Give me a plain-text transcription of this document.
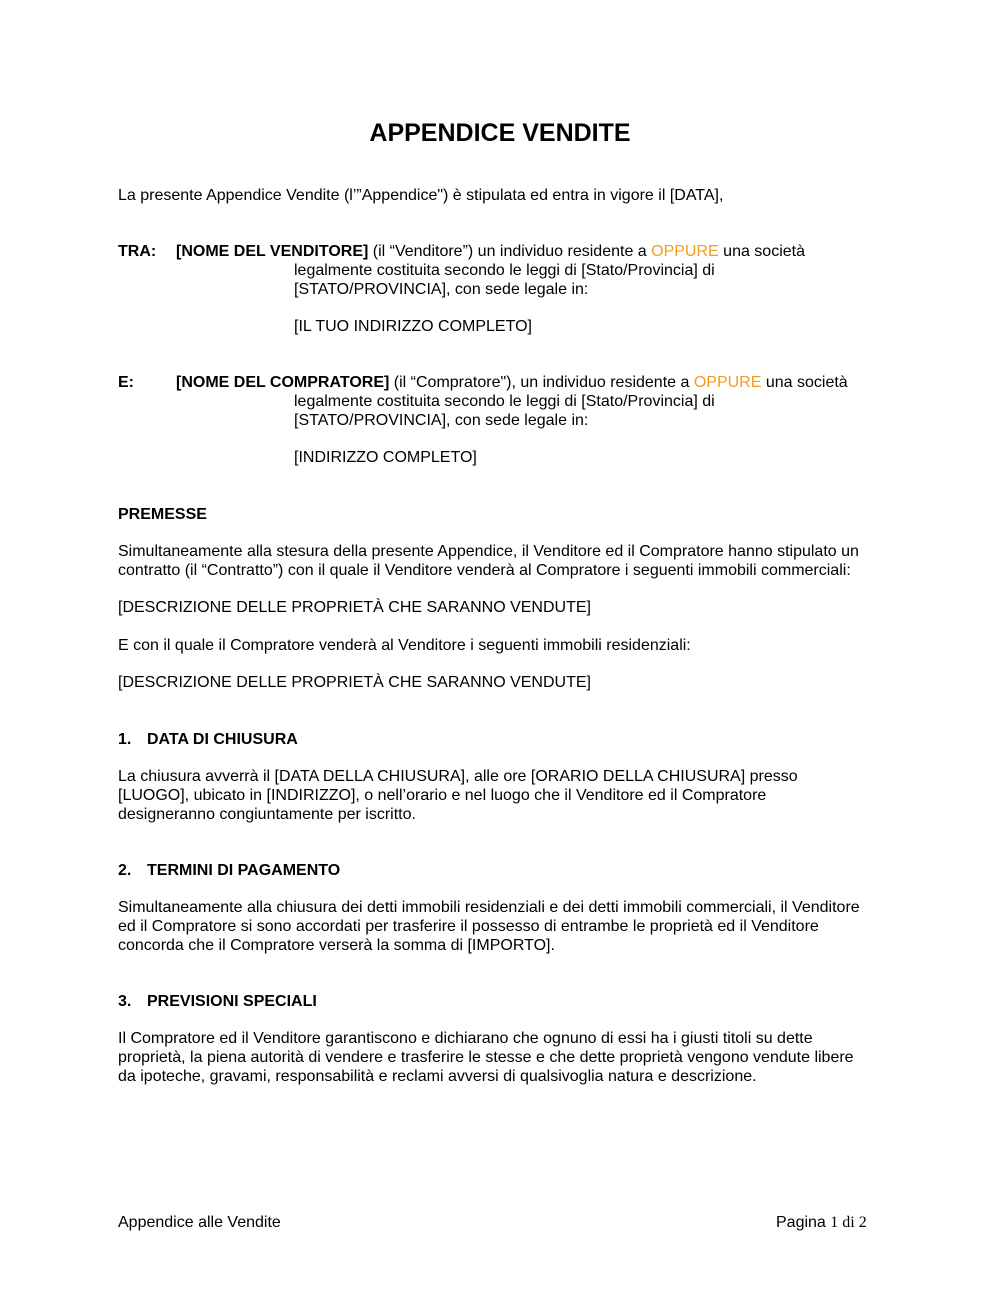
APPENDICE VENDITE
La presente Appendice Vendite (l’”Appendice") è stipulata ed entra in vigore il [DATA],
TRA: [NOME DEL VENDITORE] (il “Venditore”) un individuo residente a OPPURE una società
legalmente costituita secondo le leggi di [Stato/Provincia] di
[STATO/PROVINCIA], con sede legale in:
[IL TUO INDIRIZZO COMPLETO]
E:	[NOME DEL COMPRATORE] (il “Compratore"), un individuo residente a OPPURE una società
legalmente costituita secondo le leggi di [Stato/Provincia] di
[STATO/PROVINCIA], con sede legale in:
[INDIRIZZO COMPLETO]
PREMESSE
Simultaneamente alla stesura della presente Appendice, il Venditore ed il Compratore hanno stipulato un
contratto (il “Contratto”) con il quale il Venditore venderà al Compratore i seguenti immobili commerciali:
[DESCRIZIONE DELLE PROPRIETÀ CHE SARANNO VENDUTE]
E con il quale il Compratore venderà al Venditore i seguenti immobili residenziali:
[DESCRIZIONE DELLE PROPRIETÀ CHE SARANNO VENDUTE]
1. DATA DI CHIUSURA
La chiusura avverrà il [DATA DELLA CHIUSURA], alle ore [ORARIO DELLA CHIUSURA] presso
[LUOGO], ubicato in [INDIRIZZO], o nell’orario e nel luogo che il Venditore ed il Compratore
designeranno congiuntamente per iscritto.
2. TERMINI DI PAGAMENTO
Simultaneamente alla chiusura dei detti immobili residenziali e dei detti immobili commerciali, il Venditore
ed il Compratore si sono accordati per trasferire il possesso di entrambe le proprietà ed il Venditore
concorda che il Compratore verserà la somma di [IMPORTO].
3. PREVISIONI SPECIALI
Il Compratore ed il Venditore garantiscono e dichiarano che ognuno di essi ha i giusti titoli su dette
proprietà, la piena autorità di vendere e trasferire le stesse e che dette proprietà vengono vendute libere
da ipoteche, gravami, responsabilità e reclami avversi di qualsivoglia natura e descrizione.
Appendice alle Vendite	Pagina 1 di 2
